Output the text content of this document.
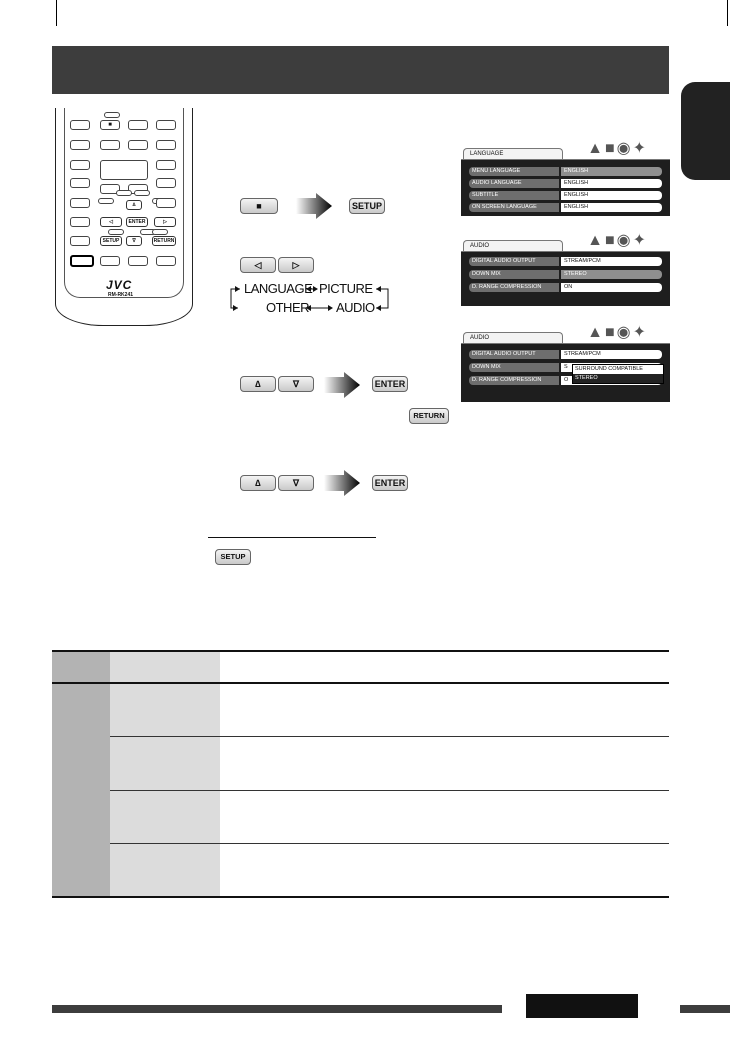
■
∆
◁	ENTER	▷
SETUP	∇	RETURN
JVC
RM-RK241
■	SETUP
◁	▷
LANGUAGE PICTURE
OTHER AUDIO
∆	∇	ENTER
RETURN
∆	∇	ENTER
SETUP
LANGUAGE	▲■◉✦
MENU LANGUAGE	ENGLISH
AUDIO LANGUAGE	ENGLISH
SUBTITLE	ENGLISH
ON SCREEN LANGUAGE	ENGLISH
AUDIO	▲■◉✦
DIGITAL AUDIO OUTPUT	STREAM/PCM
DOWN MIX	STEREO
D. RANGE COMPRESSION	ON
AUDIO	▲■◉✦
DIGITAL AUDIO OUTPUT	STREAM/PCM
DOWN MIX	S
D. RANGE COMPRESSION	O
SURROUND COMPATIBLE
STEREO
